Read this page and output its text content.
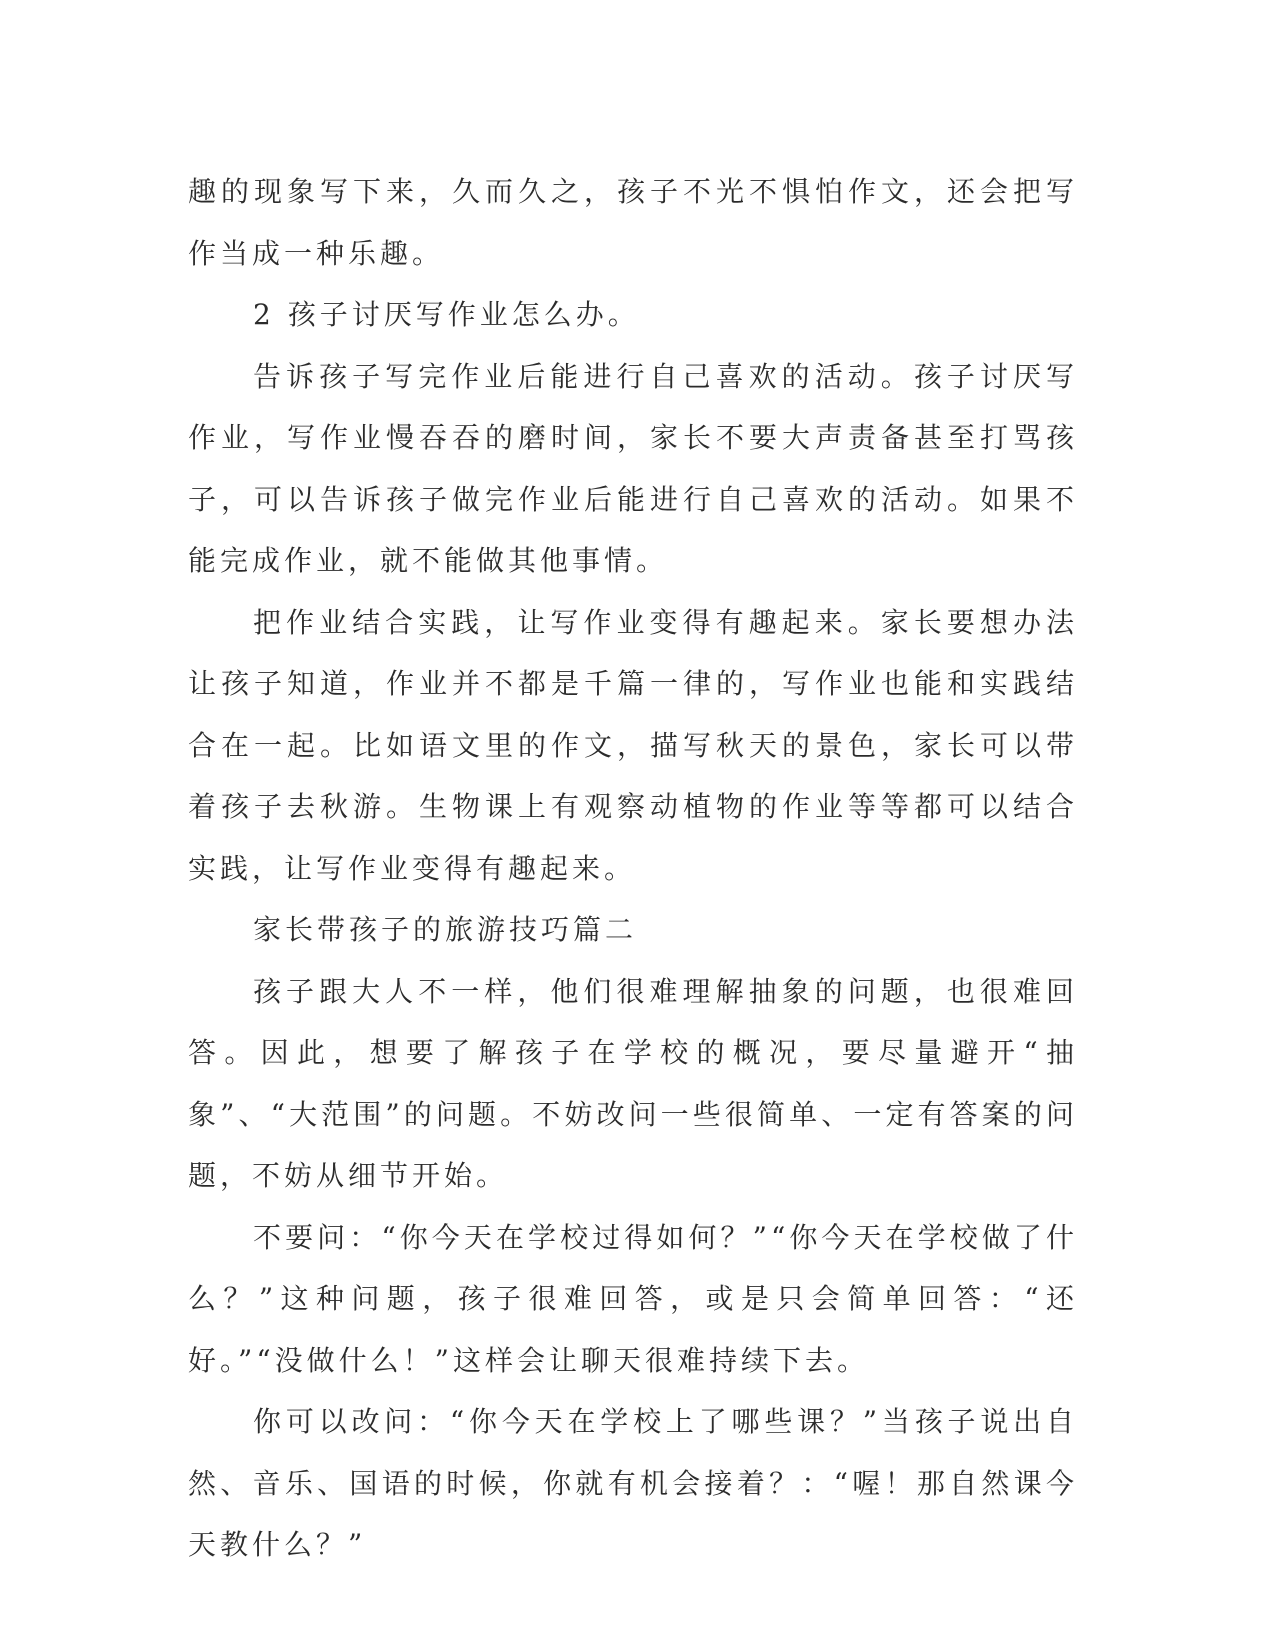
趣的现象写下来，久而久之，孩子不光不惧怕作文，还会把写作当成一种乐趣。

2 孩子讨厌写作业怎么办。

告诉孩子写完作业后能进行自己喜欢的活动。孩子讨厌写作业，写作业慢吞吞的磨时间，家长不要大声责备甚至打骂孩子，可以告诉孩子做完作业后能进行自己喜欢的活动。如果不能完成作业，就不能做其他事情。

把作业结合实践，让写作业变得有趣起来。家长要想办法让孩子知道，作业并不都是千篇一律的，写作业也能和实践结合在一起。比如语文里的作文，描写秋天的景色，家长可以带着孩子去秋游。生物课上有观察动植物的作业等等都可以结合实践，让写作业变得有趣起来。

家长带孩子的旅游技巧篇二

孩子跟大人不一样，他们很难理解抽象的问题，也很难回答。因此，想要了解孩子在学校的概况，要尽量避开“抽象”、“大范围”的问题。不妨改问一些很简单、一定有答案的问题，不妨从细节开始。

不要问：“你今天在学校过得如何？”“你今天在学校做了什么？”这种问题，孩子很难回答，或是只会简单回答：“还好。”“没做什么！”这样会让聊天很难持续下去。

你可以改问：“你今天在学校上了哪些课？”当孩子说出自然、音乐、国语的时候，你就有机会接着？：“喔！那自然课今天教什么？”
